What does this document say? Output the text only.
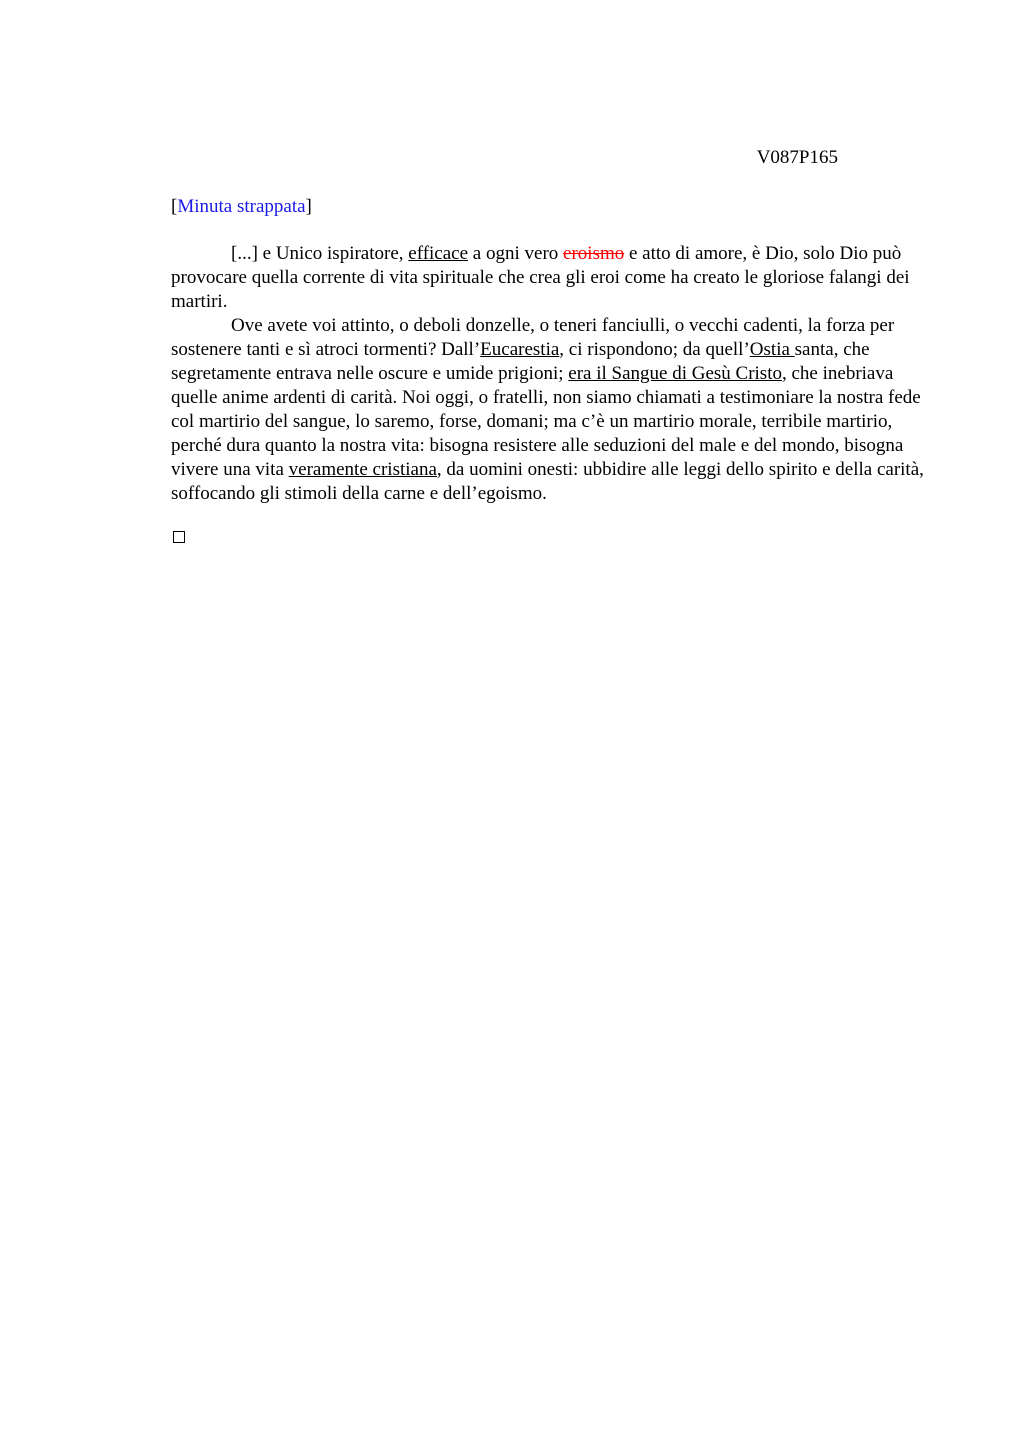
V087P165
[Minuta strappata]

[...] e Unico ispiratore, efficace a ogni vero eroismo e atto di amore, è Dio, solo Dio può provocare quella corrente di vita spirituale che crea gli eroi come ha creato le gloriose falangi dei martiri.

Ove avete voi attinto, o deboli donzelle, o teneri fanciulli, o vecchi cadenti, la forza per sostenere tanti e sì atroci tormenti? Dall’Eucarestia, ci rispondono; da quell’Ostia santa, che segretamente entrava nelle oscure e umide prigioni; era il Sangue di Gesù Cristo, che inebriava quelle anime ardenti di carità. Noi oggi, o fratelli, non siamo chiamati a testimoniare la nostra fede col martirio del sangue, lo saremo, forse, domani; ma c’è un martirio morale, terribile martirio, perché dura quanto la nostra vita: bisogna resistere alle seduzioni del male e del mondo, bisogna vivere una vita veramente cristiana, da uomini onesti: ubbidire alle leggi dello spirito e della carità, soffocando gli stimoli della carne e dell’egoismo.
